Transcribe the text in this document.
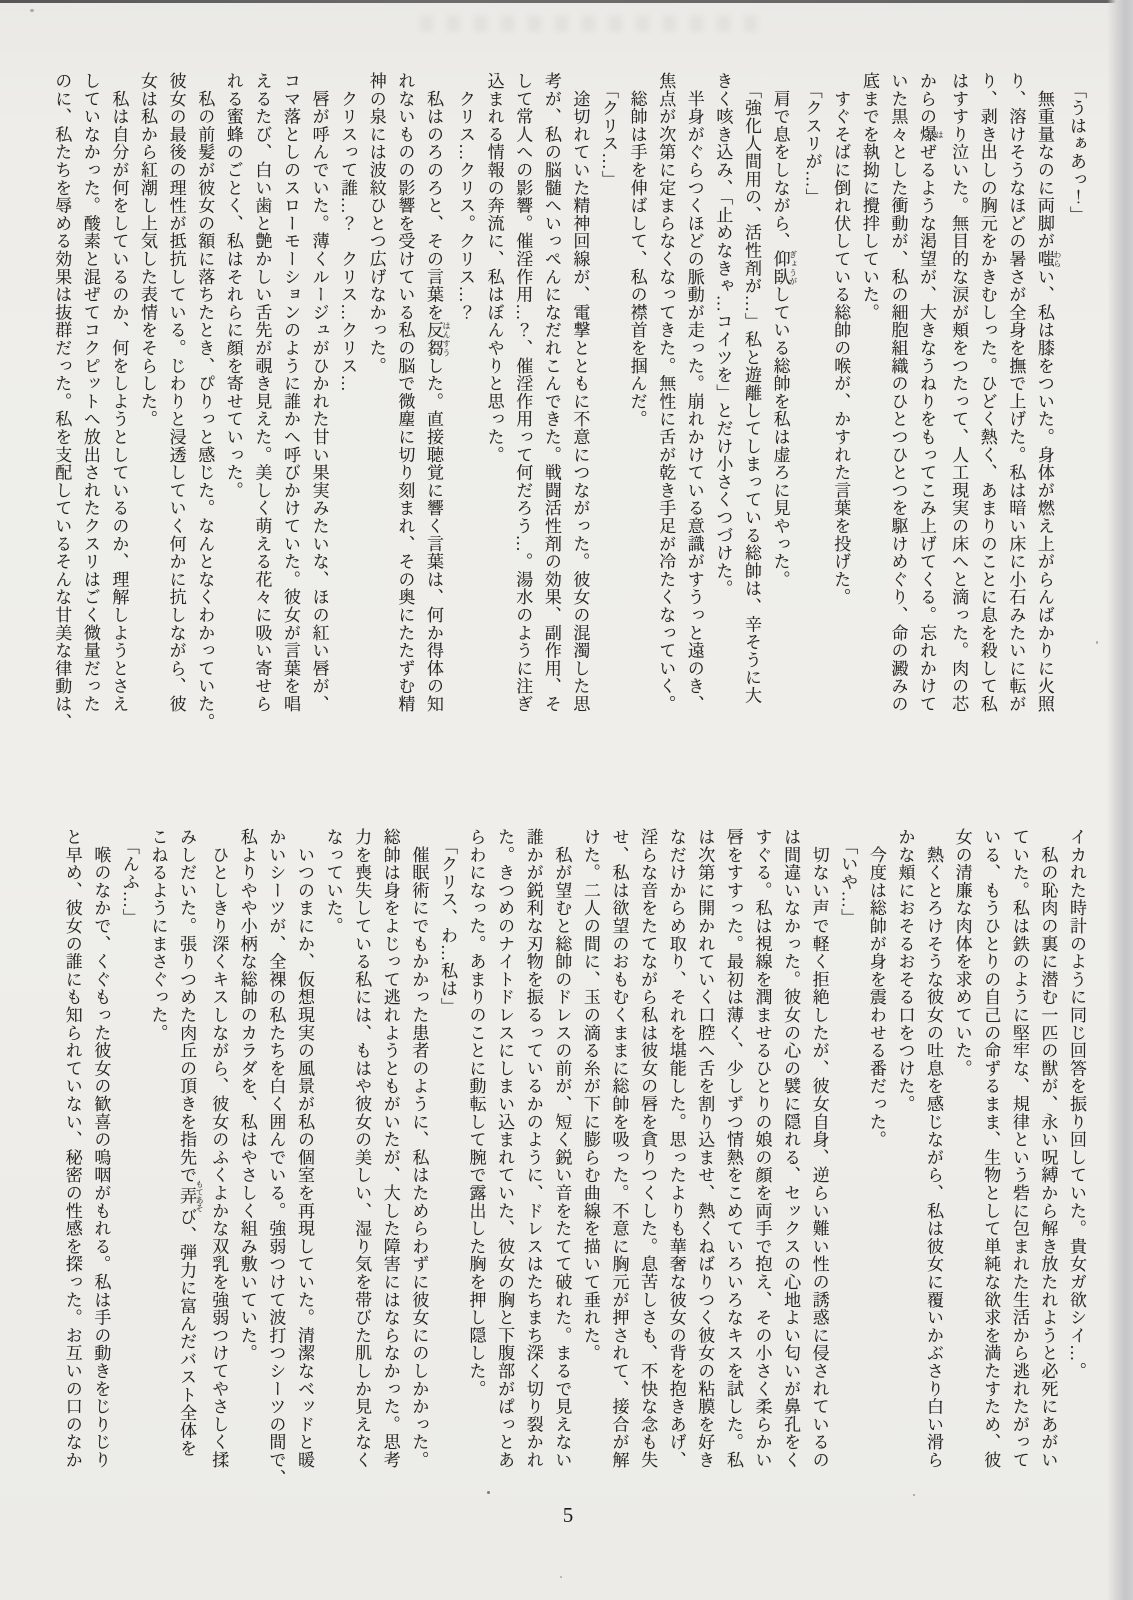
　「うはぁあっ！」

　無重量なのに両脚が嗤 わらい、私は膝をついた。身体が燃え上がらんばかりに火照

り、溶けそうなほどの暑さが全身を撫で上げた。私は暗い床に小石みたいに転が

り、剥き出しの胸元をかきむしった。ひどく熱く、あまりのことに息を殺して私

はすすり泣いた。無目的な涙が頬をつたって、人工現実の床へと滴った。肉の芯

からの爆 はぜるような渇望が、大きなうねりをもってこみ上げてくる。忘れかけて

いた黒々とした衝動が、私の細胞組織のひとつひとつを駆けめぐり、命の澱みの

底までを執拗に攪拌していた。

　すぐそばに倒れ伏している総帥の喉が、かすれた言葉を投げた。

　「クスリが…」

　肩で息をしながら、仰臥 ぎょうがしている総帥を私は虚ろに見やった。

　「強化人間用の、活性剤が…」私と遊離してしまっている総帥は、辛そうに大

きく咳き込み、「止めなきゃ…コイツを」とだけ小さくつづけた。

　半身がぐらつくほどの脈動が走った。崩れかけている意識がすうっと遠のき、

焦点が次第に定まらなくなってきた。無性に舌が乾き手足が冷たくなっていく。

　総帥は手を伸ばして、私の襟首を掴んだ。

　「クリス…」

　途切れていた精神回線が、電撃とともに不意につながった。彼女の混濁した思

考が、私の脳髄へいっぺんになだれこんできた。戦闘活性剤の効果、副作用、そ

して常人への影響。催淫作用…？、催淫作用って何だろう…。湯水のように注ぎ

込まれる情報の奔流に、私はぼんやりと思った。

　クリス…クリス。クリス…？

　私はのろのろと、その言葉を反芻 はんすうした。直接聴覚に響く言葉は、何か得体の知

れないものの影響を受けている私の脳で微塵に切り刻まれ、その奥にたたずむ精

神の泉には波紋ひとつ広げなかった。

　クリスって誰…？　クリス…クリス…

　唇が呼んでいた。薄くルージュがひかれた甘い果実みたいな、ほの紅い唇が、

コマ落としのスローモーションのように誰かへ呼びかけていた。彼女が言葉を唱

えるたび、白い歯と艶かしい舌先が覗き見えた。美しく萌える花々に吸い寄せら

れる蜜蜂のごとく、私はそれらに顔を寄せていった。

　私の前髪が彼女の額に落ちたとき、ぴりっと感じた。なんとなくわかっていた。

彼女の最後の理性が抵抗している。じわりと浸透していく何かに抗しながら、彼

女は私から紅潮し上気した表情をそらした。

　私は自分が何をしているのか、何をしようとしているのか、理解しようとさえ

していなかった。酸素と混ぜてコクピットへ放出されたクスリはごく微量だった

のに、私たちを辱める効果は抜群だった。私を支配しているそんな甘美な律動は、

イカれた時計のように同じ回答を振り回していた。貴女ガ欲シイ…。

　私の恥肉の裏に潜む一匹の獣が、永い呪縛から解き放たれようと必死にあがい

ていた。私は鉄のように堅牢な、規律という砦に包まれた生活から逃れたがって

いる、もうひとりの自己の命ずるまま、生物として単純な欲求を満たすため、彼

女の清廉な肉体を求めていた。

　熱くとろけそうな彼女の吐息を感じながら、私は彼女に覆いかぶさり白い滑ら

かな頬におそるおそる口をつけた。

　今度は総帥が身を震わせる番だった。

　「いや…」

　切ない声で軽く拒絶したが、彼女自身、逆らい難い性の誘惑に侵されているの

は間違いなかった。彼女の心の襞に隠れる、セックスの心地よい匂いが鼻孔をく

すぐる。私は視線を潤ませるひとりの娘の顔を両手で抱え、その小さく柔らかい

唇をすすった。最初は薄く、少しずつ情熱をこめていろいろなキスを試した。私

は次第に開かれていく口腔へ舌を割り込ませ、熱くねばりつく彼女の粘膜を好き

なだけからめ取り、それを堪能した。思ったよりも華奢な彼女の背を抱きあげ、

淫らな音をたてながら私は彼女の唇を貪りつくした。息苦しさも、不快な念も失

せ、私は欲望のおもむくままに総帥を吸った。不意に胸元が押されて、接合が解

けた。二人の間に、玉の滴る糸が下に膨らむ曲線を描いて垂れた。

　私が望むと総帥のドレスの前が、短く鋭い音をたてて破れた。まるで見えない

誰かが鋭利な刃物を振るっているかのように、ドレスはたちまち深く切り裂かれ

た。きつめのナイトドレスにしまい込まれていた、彼女の胸と下腹部がぱっとあ

らわになった。あまりのことに動転して腕で露出した胸を押し隠した。

　「クリス、わ…私は」

　催眠術にでもかかった患者のように、私はためらわずに彼女にのしかかった。

総帥は身をよじって逃れようともがいたが、大した障害にはならなかった。思考

力を喪失している私には、もはや彼女の美しい、湿り気を帯びた肌しか見えなく

なっていた。

　いつのまにか、仮想現実の風景が私の個室を再現していた。清潔なベッドと暖

かいシーツが、全裸の私たちを白く囲んでいる。強弱つけて波打つシーツの間で、

私よりやや小柄な総帥のカラダを、私はやさしく組み敷いていた。

　ひとしきり深くキスしながら、彼女のふくよかな双乳を強弱つけてやさしく揉

みしだいた。張りつめた肉丘の頂きを指先で弄 もてあそび、弾力に富んだバスト全体を

こねるようにまさぐった。

　「んふ…」

　喉のなかで、くぐもった彼女の歓喜の嗚咽がもれる。私は手の動きをじりじり

と早め、彼女の誰にも知られていない、秘密の性感を探った。お互いの口のなか

5
